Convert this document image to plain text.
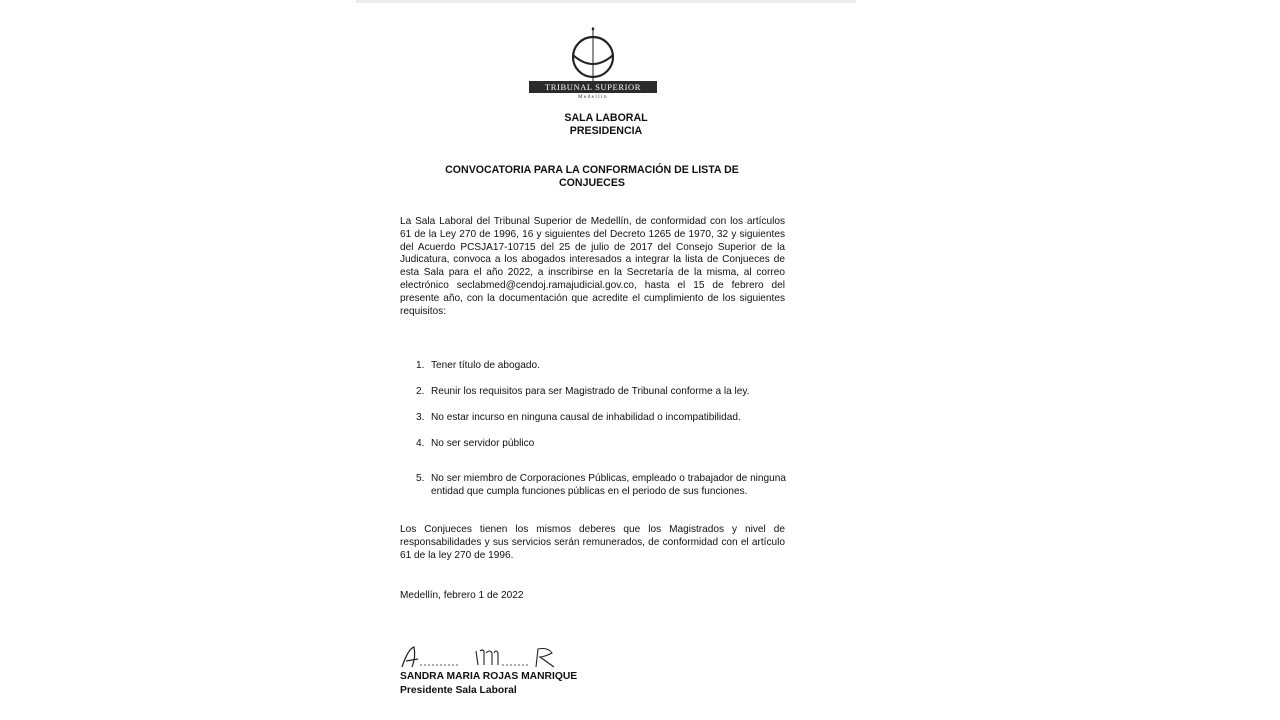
TRIBUNAL SUPERIOR
Medellín
SALA LABORAL
PRESIDENCIA
CONVOCATORIA PARA LA CONFORMACIÓN DE LISTA DE
CONJUECES
La Sala Laboral del Tribunal Superior de Medellín, de conformidad con los artículos 61 de la Ley 270 de 1996, 16 y siguientes del Decreto 1265 de 1970, 32 y siguientes del Acuerdo PCSJA17-10715 del 25 de julio de 2017 del Consejo Superior de la Judicatura, convoca a los abogados interesados a integrar la lista de Conjueces de esta Sala para el año 2022, a inscribirse en la Secretaría de la misma, al correo electrónico seclabmed@cendoj.ramajudicial.gov.co, hasta el 15 de febrero del presente año, con la documentación que acredite el cumplimiento de los siguientes requisitos:
1. Tener título de abogado.
2. Reunir los requisitos para ser Magistrado de Tribunal conforme a la ley.
3. No estar incurso en ninguna causal de inhabilidad o incompatibilidad.
4. No ser servidor público
5. No ser miembro de Corporaciones Públicas, empleado o trabajador de ninguna entidad que cumpla funciones públicas en el periodo de sus funciones.
Los Conjueces tienen los mismos deberes que los Magistrados y nivel de responsabilidades y sus servicios serán remunerados, de conformidad con el artículo 61 de la ley 270 de 1996.
Medellín, febrero 1 de 2022
SANDRA MARIA ROJAS MANRIQUE
Presidente Sala Laboral
